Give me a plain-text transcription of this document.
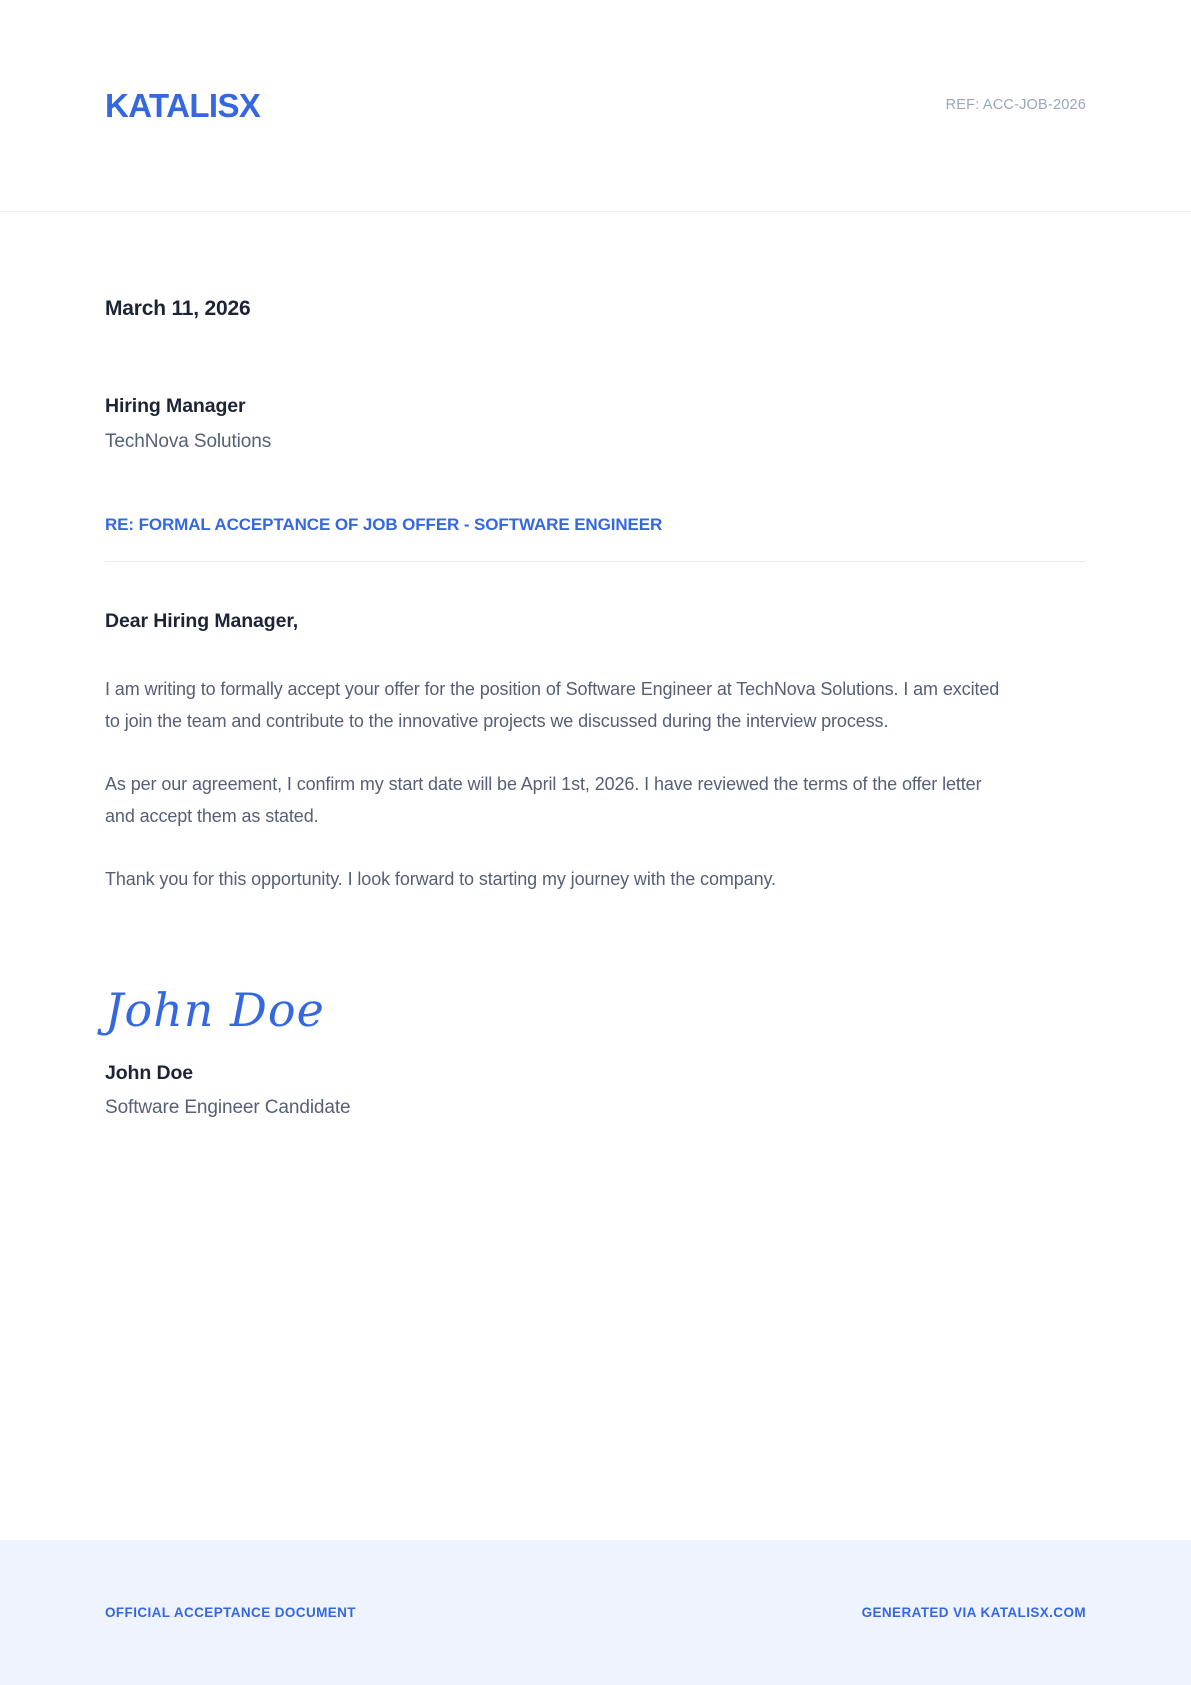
KATALISX	REF: ACC-JOB-2026
March 11, 2026
Hiring Manager
TechNova Solutions
RE: FORMAL ACCEPTANCE OF JOB OFFER - SOFTWARE ENGINEER
Dear Hiring Manager,

I am writing to formally accept your offer for the position of Software Engineer at TechNova Solutions. I am excited to join the team and contribute to the innovative projects we discussed during the interview process.

As per our agreement, I confirm my start date will be April 1st, 2026. I have reviewed the terms of the offer letter and accept them as stated.

Thank you for this opportunity. I look forward to starting my journey with the company.

John Doe
John Doe
Software Engineer Candidate
OFFICIAL ACCEPTANCE DOCUMENT	GENERATED VIA KATALISX.COM
